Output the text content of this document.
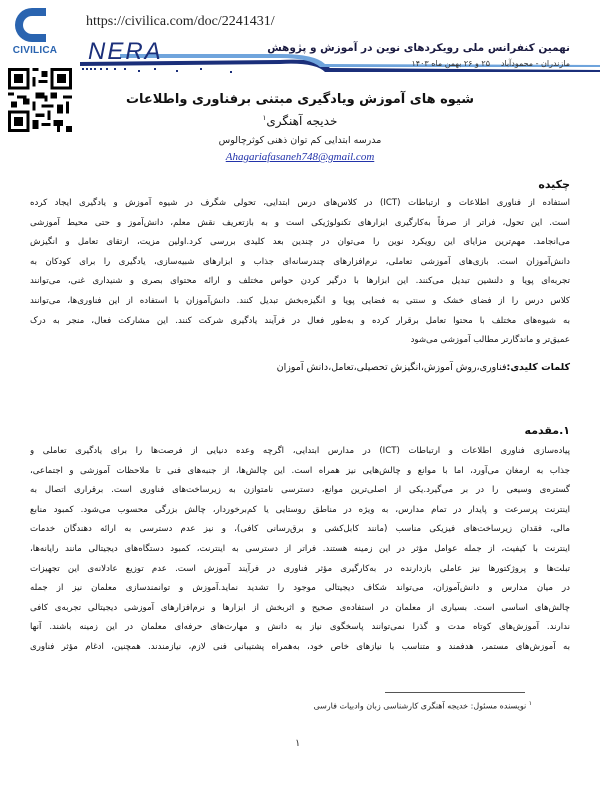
CIVILICA
https://civilica.com/doc/2241431/
NERA	نهمین کنفرانس ملی رویکردهای نوین در آموزش و پژوهش
۲۵ و ۲۶ بهمن ماه ۱۴۰۳ مازندران - محمودآباد
شیوه های آموزش ویادگیری مبتنی برفناوری واطلاعات
خدیجه آهنگری$^۱$
مدرسه ابتدایی کم توان ذهنی کوثرچالوس
Ahagariafasaneh748@gmail.com
چکیده
استفاده از فناوری اطلاعات و ارتباطات (ICT) در کلاس‌های درس ابتدایی، تحولی شگرف در شیوه آموزش و یادگیری ایجاد کرده
است. این تحول، فراتر از صرفاً به‌کارگیری ابزارهای تکنولوژیکی است و به بازتعریف نقش معلم، دانش‌آموز و حتی محیط آموزشی
می‌انجامد. مهم‌ترین مزایای این رویکرد نوین را می‌توان در چندین بعد کلیدی بررسی کرد.اولین مزیت، ارتقای تعامل و انگیزش
دانش‌آموزان است. بازی‌های آموزشی تعاملی، نرم‌افزارهای چندرسانه‌ای جذاب و ابزارهای شبیه‌سازی، یادگیری را برای کودکان به
تجربه‌ای پویا و دلنشین تبدیل می‌کنند. این ابزارها با درگیر کردن حواس مختلف و ارائه محتوای بصری و شنیداری غنی، می‌توانند
کلاس درس را از فضای خشک و سنتی به فضایی پویا و انگیزه‌بخش تبدیل کنند. دانش‌آموزان با استفاده از این فناوری‌ها، می‌توانند
به شیوه‌های مختلف با محتوا تعامل برقرار کرده و به‌طور فعال در فرآیند یادگیری شرکت کنند. این مشارکت فعال، منجر به درک
عمیق‌تر و ماندگارتر مطالب آموزشی می‌شود
کلمات کلیدی:فناوری،روش آموزش،انگیزش تحصیلی،تعامل،دانش آموزان
۱.مقدمه
پیاده‌سازی فناوری اطلاعات و ارتباطات (ICT) در مدارس ابتدایی، اگرچه وعده دنیایی از فرصت‌ها را برای یادگیری تعاملی و
جذاب به ارمغان می‌آورد، اما با موانع و چالش‌هایی نیز همراه است. این چالش‌ها، از جنبه‌های فنی تا ملاحظات آموزشی و اجتماعی،
گستره‌ی وسیعی را در بر می‌گیرد.یکی از اصلی‌ترین موانع، دسترسی نامتوازن به زیرساخت‌های فناوری است. برقراری اتصال به
اینترنت پرسرعت و پایدار در تمام مدارس، به ویژه در مناطق روستایی یا کم‌برخوردار، چالش بزرگی محسوب می‌شود. کمبود منابع
مالی، فقدان زیرساخت‌های فیزیکی مناسب (مانند کابل‌کشی و برق‌رسانی کافی)، و نیز عدم دسترسی به ارائه دهندگان خدمات
اینترنت با کیفیت، از جمله عوامل مؤثر در این زمینه هستند. فراتر از دسترسی به اینترنت، کمبود دستگاه‌های دیجیتالی مانند رایانه‌ها،
تبلت‌ها و پروژکتورها نیز عاملی بازدارنده در به‌کارگیری مؤثر فناوری در فرآیند آموزش است. عدم توزیع عادلانه‌ی این تجهیزات
در میان مدارس و دانش‌آموزان، می‌تواند شکاف دیجیتالی موجود را تشدید نماید.آموزش و توانمندسازی معلمان نیز از جمله
چالش‌های اساسی است. بسیاری از معلمان در استفاده‌ی صحیح و اثربخش از ابزارها و نرم‌افزارهای آموزشی دیجیتالی تجربه‌ی کافی
ندارند. آموزش‌های کوتاه مدت و گذرا نمی‌توانند پاسخگوی نیاز به دانش و مهارت‌های حرفه‌ای معلمان در این زمینه باشند. آنها
به آموزش‌های مستمر، هدفمند و متناسب با نیازهای خاص خود، به‌همراه پشتیبانی فنی لازم، نیازمندند. همچنین، ادغام مؤثر فناوری
$^۱$ نویسنده مسئول: خدیجه آهنگری کارشناسی زبان وادبیات فارسی
۱
